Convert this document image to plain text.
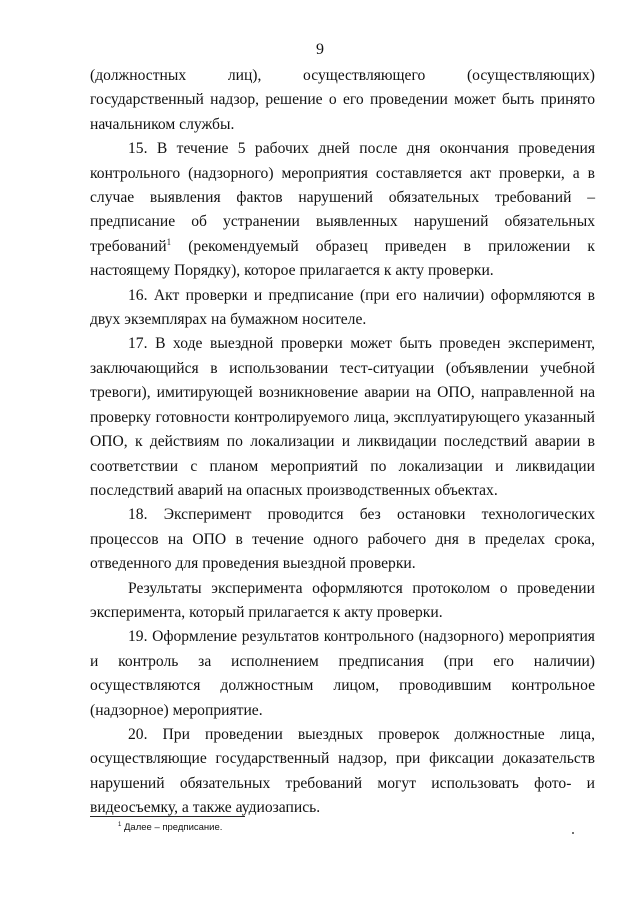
9

(должностных лиц), осуществляющего (осуществляющих) государственный надзор, решение о его проведении может быть принято начальником службы.

15. В течение 5 рабочих дней после дня окончания проведения контрольного (надзорного) мероприятия составляется акт проверки, а в случае выявления фактов нарушений обязательных требований – предписание об устранении выявленных нарушений обязательных требований$^1$ (рекомендуемый образец приведен в приложении к настоящему Порядку), которое прилагается к акту проверки.

16. Акт проверки и предписание (при его наличии) оформляются в двух экземплярах на бумажном носителе.

17. В ходе выездной проверки может быть проведен эксперимент, заключающийся в использовании тест-ситуации (объявлении учебной тревоги), имитирующей возникновение аварии на ОПО, направленной на проверку готовности контролируемого лица, эксплуатирующего указанный ОПО, к действиям по локализации и ликвидации последствий аварии в соответствии с планом мероприятий по локализации и ликвидации последствий аварий на опасных производственных объектах.

18. Эксперимент проводится без остановки технологических процессов на ОПО в течение одного рабочего дня в пределах срока, отведенного для проведения выездной проверки.

Результаты эксперимента оформляются протоколом о проведении эксперимента, который прилагается к акту проверки.

19. Оформление результатов контрольного (надзорного) мероприятия и контроль за исполнением предписания (при его наличии) осуществляются должностным лицом, проводившим контрольное (надзорное) мероприятие.

20. При проведении выездных проверок должностные лица, осуществляющие государственный надзор, при фиксации доказательств нарушений обязательных требований могут использовать фото- и видеосъемку, а также аудиозапись.

$^1$ Далее – предписание.
